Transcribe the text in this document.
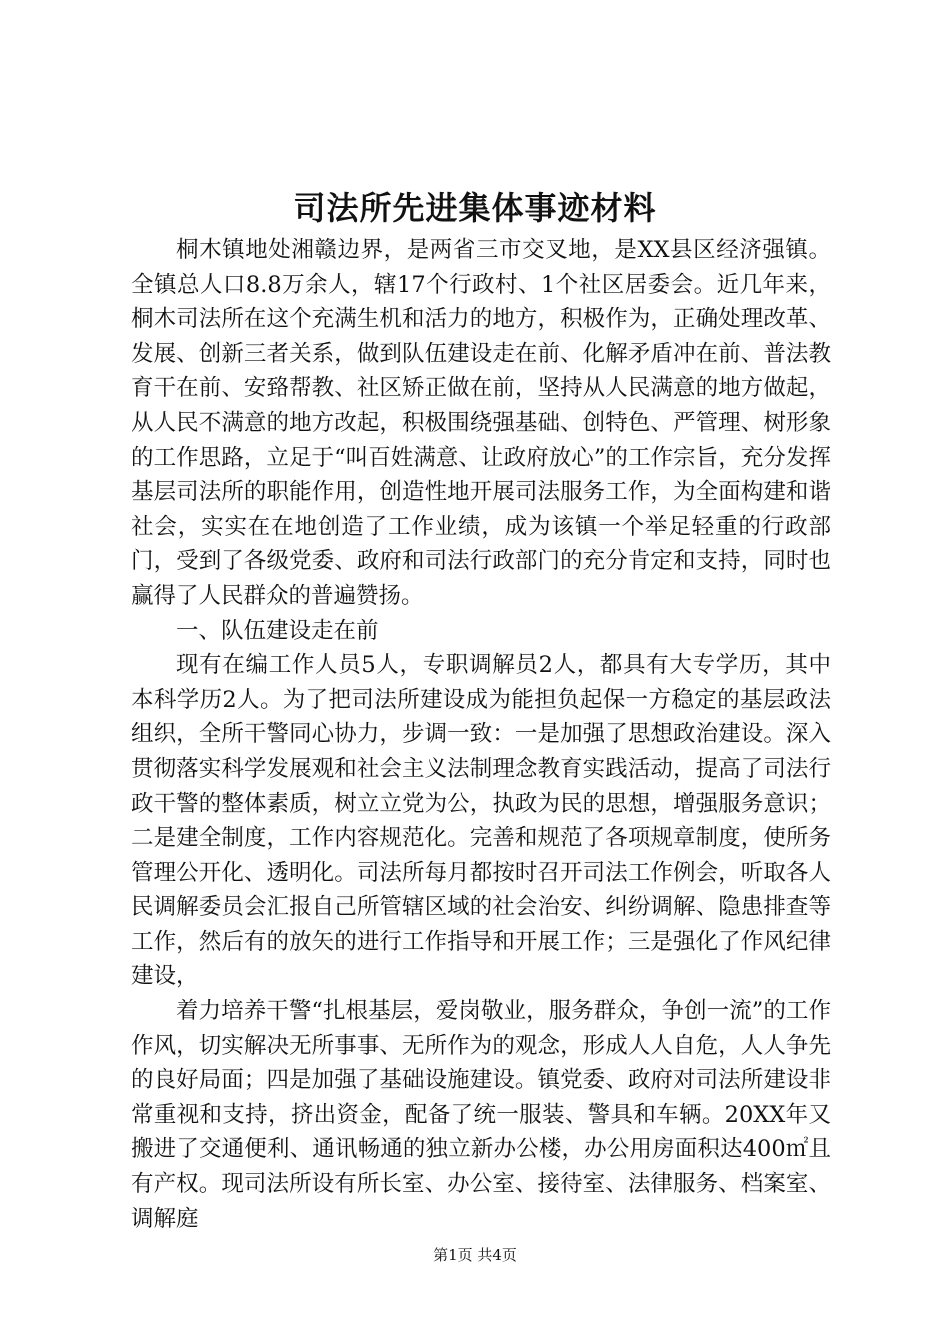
司法所先进集体事迹材料

桐木镇地处湘赣边界，是两省三市交叉地，是XX县区经济强镇。全镇总人口8.8万余人，辖17个行政村、1个社区居委会。近几年来，桐木司法所在这个充满生机和活力的地方，积极作为，正确处理改革、发展、创新三者关系，做到队伍建设走在前、化解矛盾冲在前、普法教育干在前、安臵帮教、社区矫正做在前，坚持从人民满意的地方做起，从人民不满意的地方改起，积极围绕强基础、创特色、严管理、树形象的工作思路，立足于“叫百姓满意、让政府放心”的工作宗旨，充分发挥基层司法所的职能作用，创造性地开展司法服务工作，为全面构建和谐社会，实实在在地创造了工作业绩，成为该镇一个举足轻重的行政部门，受到了各级党委、政府和司法行政部门的充分肯定和支持，同时也赢得了人民群众的普遍赞扬。

一、队伍建设走在前

现有在编工作人员5人，专职调解员2人，都具有大专学历，其中本科学历2人。为了把司法所建设成为能担负起保一方稳定的基层政法组织，全所干警同心协力，步调一致：一是加强了思想政治建设。深入贯彻落实科学发展观和社会主义法制理念教育实践活动，提高了司法行政干警的整体素质，树立立党为公，执政为民的思想，增强服务意识；二是建全制度，工作内容规范化。完善和规范了各项规章制度，使所务管理公开化、透明化。司法所每月都按时召开司法工作例会，听取各人民调解委员会汇报自己所管辖区域的社会治安、纠纷调解、隐患排查等工作，然后有的放矢的进行工作指导和开展工作；三是强化了作风纪律建设，

着力培养干警“扎根基层，爱岗敬业，服务群众，争创一流”的工作作风，切实解决无所事事、无所作为的观念，形成人人自危，人人争先的良好局面；四是加强了基础设施建设。镇党委、政府对司法所建设非常重视和支持，挤出资金，配备了统一服装、警具和车辆。20XX年又搬进了交通便利、通讯畅通的独立新办公楼，办公用房面积达400㎡且有产权。现司法所设有所长室、办公室、接待室、法律服务、档案室、调解庭

第1页 共4页
